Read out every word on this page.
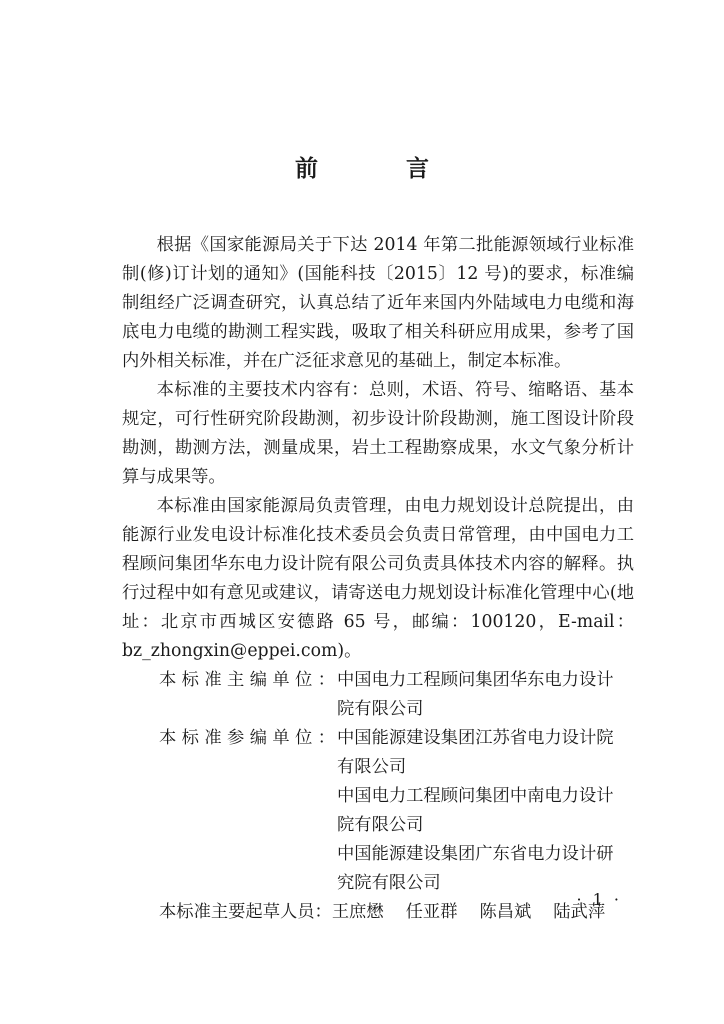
前 言

根据《国家能源局关于下达 2014 年第二批能源领域行业标准制(修)订计划的通知》(国能科技〔2015〕12 号)的要求，标准编制组经广泛调查研究，认真总结了近年来国内外陆域电力电缆和海底电力电缆的勘测工程实践，吸取了相关科研应用成果，参考了国内外相关标准，并在广泛征求意见的基础上，制定本标准。

本标准的主要技术内容有：总则，术语、符号、缩略语、基本规定，可行性研究阶段勘测，初步设计阶段勘测，施工图设计阶段勘测，勘测方法，测量成果，岩土工程勘察成果，水文气象分析计算与成果等。

本标准由国家能源局负责管理，由电力规划设计总院提出，由能源行业发电设计标准化技术委员会负责日常管理，由中国电力工程顾问集团华东电力设计院有限公司负责具体技术内容的解释。执行过程中如有意见或建议，请寄送电力规划设计标准化管理中心(地址：北京市西城区安德路 65 号，邮编：100120，E-mail：bz_zhongxin@eppei.com)。

本标准主编单位： 中国电力工程顾问集团华东电力设计
院有限公司
本标准参编单位： 中国能源建设集团江苏省电力设计院
有限公司
中国电力工程顾问集团中南电力设计
院有限公司
中国能源建设集团广东省电力设计研
究院有限公司
本标准主要起草人员：王庶懋    任亚群    陈昌斌    陆武萍
· 1 ·
